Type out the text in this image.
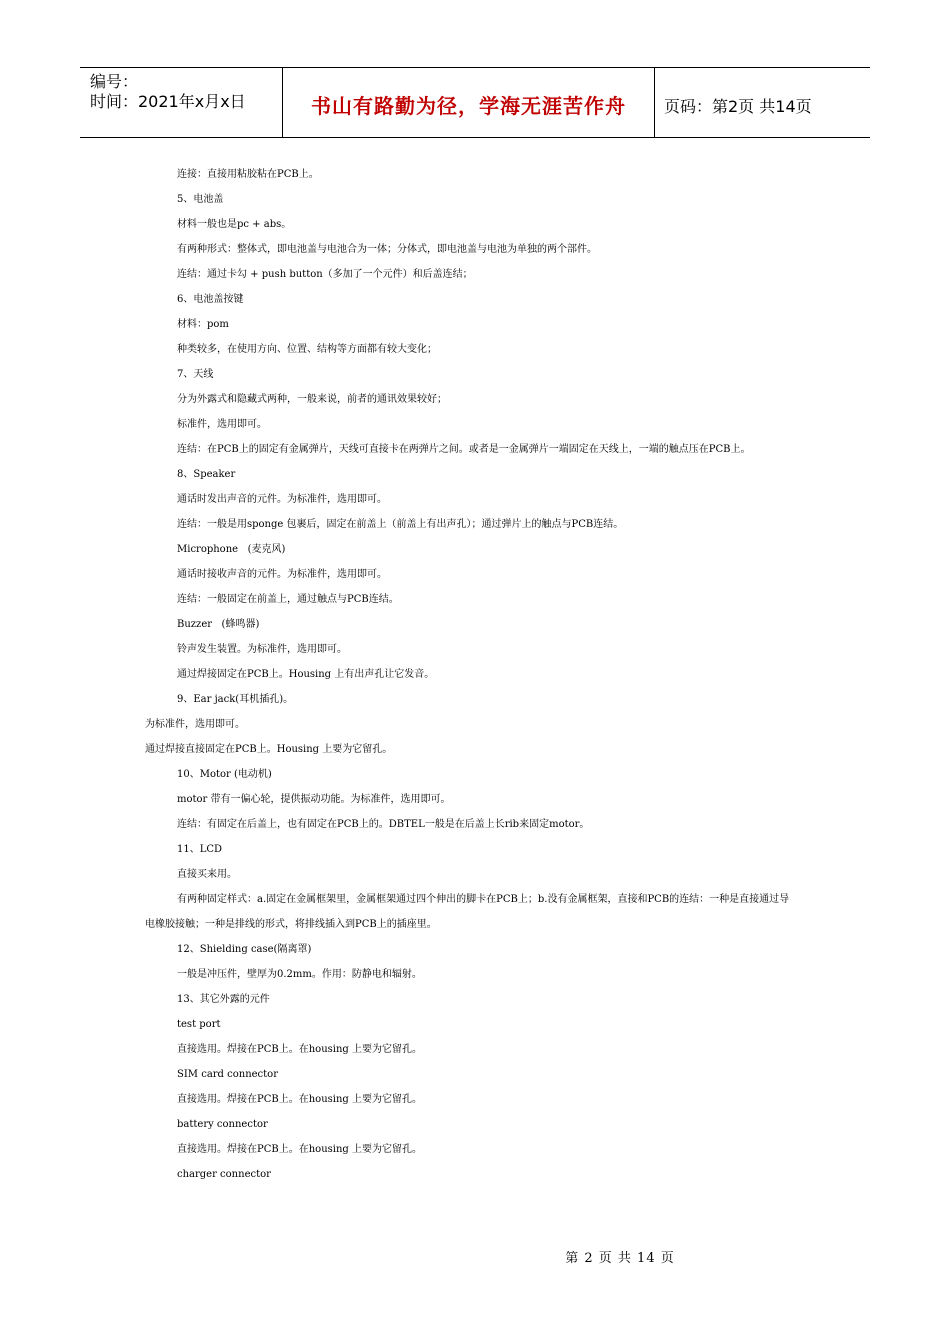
编号：
时间：2021年x月x日	书山有路勤为径，学海无涯苦作舟	页码：第2页 共14页
连接：直接用粘胶粘在PCB上。
5、电池盖
材料一般也是pc + abs。
有两种形式：整体式，即电池盖与电池合为一体；分体式，即电池盖与电池为单独的两个部件。
连结：通过卡勾 + push button（多加了一个元件）和后盖连结；
6、电池盖按键
材料：pom
种类较多，在使用方向、位置、结构等方面都有较大变化；
7、天线
分为外露式和隐藏式两种，一般来说，前者的通讯效果较好；
标准件，选用即可。
连结：在PCB上的固定有金属弹片，天线可直接卡在两弹片之间。或者是一金属弹片一端固定在天线上，一端的触点压在PCB上。
8、Speaker
通话时发出声音的元件。为标准件，选用即可。
连结：一般是用sponge 包裹后，固定在前盖上（前盖上有出声孔）；通过弹片上的触点与PCB连结。
Microphone   (麦克风)
通话时接收声音的元件。为标准件，选用即可。
连结：一般固定在前盖上，通过触点与PCB连结。
Buzzer   (蜂鸣器)
铃声发生装置。为标准件，选用即可。
通过焊接固定在PCB上。Housing 上有出声孔让它发音。
9、Ear jack(耳机插孔)。
为标准件，选用即可。
通过焊接直接固定在PCB上。Housing 上要为它留孔。
10、Motor (电动机)
motor 带有一偏心轮，提供振动功能。为标准件，选用即可。
连结：有固定在后盖上，也有固定在PCB上的。DBTEL一般是在后盖上长rib来固定motor。
11、LCD
直接买来用。
有两种固定样式：a.固定在金属框架里，金属框架通过四个伸出的脚卡在PCB上；b.没有金属框架，直接和PCB的连结：一种是直接通过导电橡胶接触；一种是排线的形式，将排线插入到PCB上的插座里。
12、Shielding case(隔离罩)
一般是冲压件，壁厚为0.2mm。作用：防静电和辐射。
13、其它外露的元件
test port
直接选用。焊接在PCB上。在housing 上要为它留孔。
SIM card connector
直接选用。焊接在PCB上。在housing 上要为它留孔。
battery connector
直接选用。焊接在PCB上。在housing 上要为它留孔。
charger connector
第 2 页 共 14 页
